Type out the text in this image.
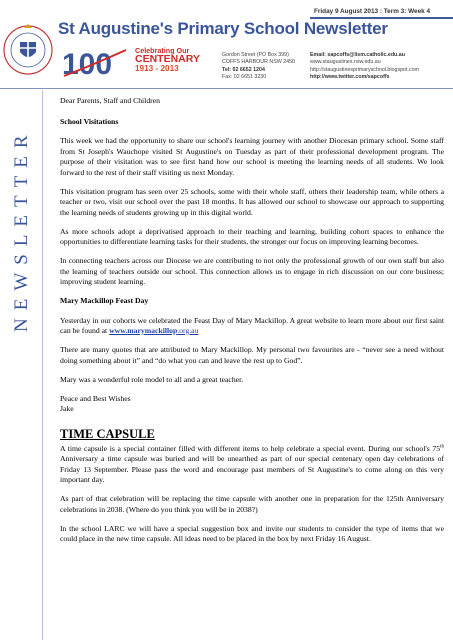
Friday 9 August 2013 : Term 3: Week 4
St Augustine's Primary School Newsletter
100	Celebrating Our
CENTENARY
1913 - 2013
Gordon Street (PO Box 399)
COFFS HARBOUR NSW 2450
Tel: 02 6652 1204
Fax: 02 6651 3230
Email: sapcoffs@lism.catholic.edu.au
www.staugustines.nsw.edu.au
http://staugustinesprimaryschool.blogspot.com
http://www.twitter.com/sapcoffs
NEWSLETTER

Dear Parents, Staff and Children

School Visitations

This week we had the opportunity to share our school's learning journey with another Diocesan primary school. Some staff from St Joseph's Wauchope visited St Augustine's on Tuesday as part of their professional development program. The purpose of their visitation was to see first hand how our school is meeting the learning needs of all students. We look forward to the rest of their staff visiting us next Monday.

This visitation program has seen over 25 schools, some with their whole staff, others their leadership team, while others a teacher or two, visit our school over the past 18 months. It has allowed our school to showcase our approach to supporting the learning needs of students growing up in this digital world.

As more schools adopt a deprivatised approach to their teaching and learning, building cohort spaces to enhance the opportunities to differentiate learning tasks for their students, the stronger our focus on improving learning becomes.

In connecting teachers across our Diocese we are contributing to not only the professional growth of our own staff but also the learning of teachers outside our school. This connection allows us to engage in rich discussion on our core business; improving student learning.

Mary Mackillop Feast Day

Yesterday in our cohorts we celebrated the Feast Day of Mary Mackillop. A great website to learn more about our first saint can be found at www.marymackillop.org.au

There are many quotes that are attributed to Mary Mackillop. My personal two favourites are - “never see a need without doing something about it” and “do what you can and leave the rest up to God”.

Mary was a wonderful role model to all and a great teacher.

Peace and Best Wishes
Jake

TIME CAPSULE

A time capsule is a special container filled with different items to help celebrate a special event. During our school's 75th Anniversary a time capsule was buried and will be unearthed as part of our special centenary open day celebrations of Friday 13 September. Please pass the word and encourage past members of St Augustine's to come along on this very important day.

As part of that celebration will be replacing the time capsule with another one in preparation for the 125th Anniversary celebrations in 2038. (Where do you think you will be in 2038?)

In the school LARC we will have a special suggestion box and invite our students to consider the type of items that we could place in the new time capsule. All ideas need to be placed in the box by next Friday 16 August.
